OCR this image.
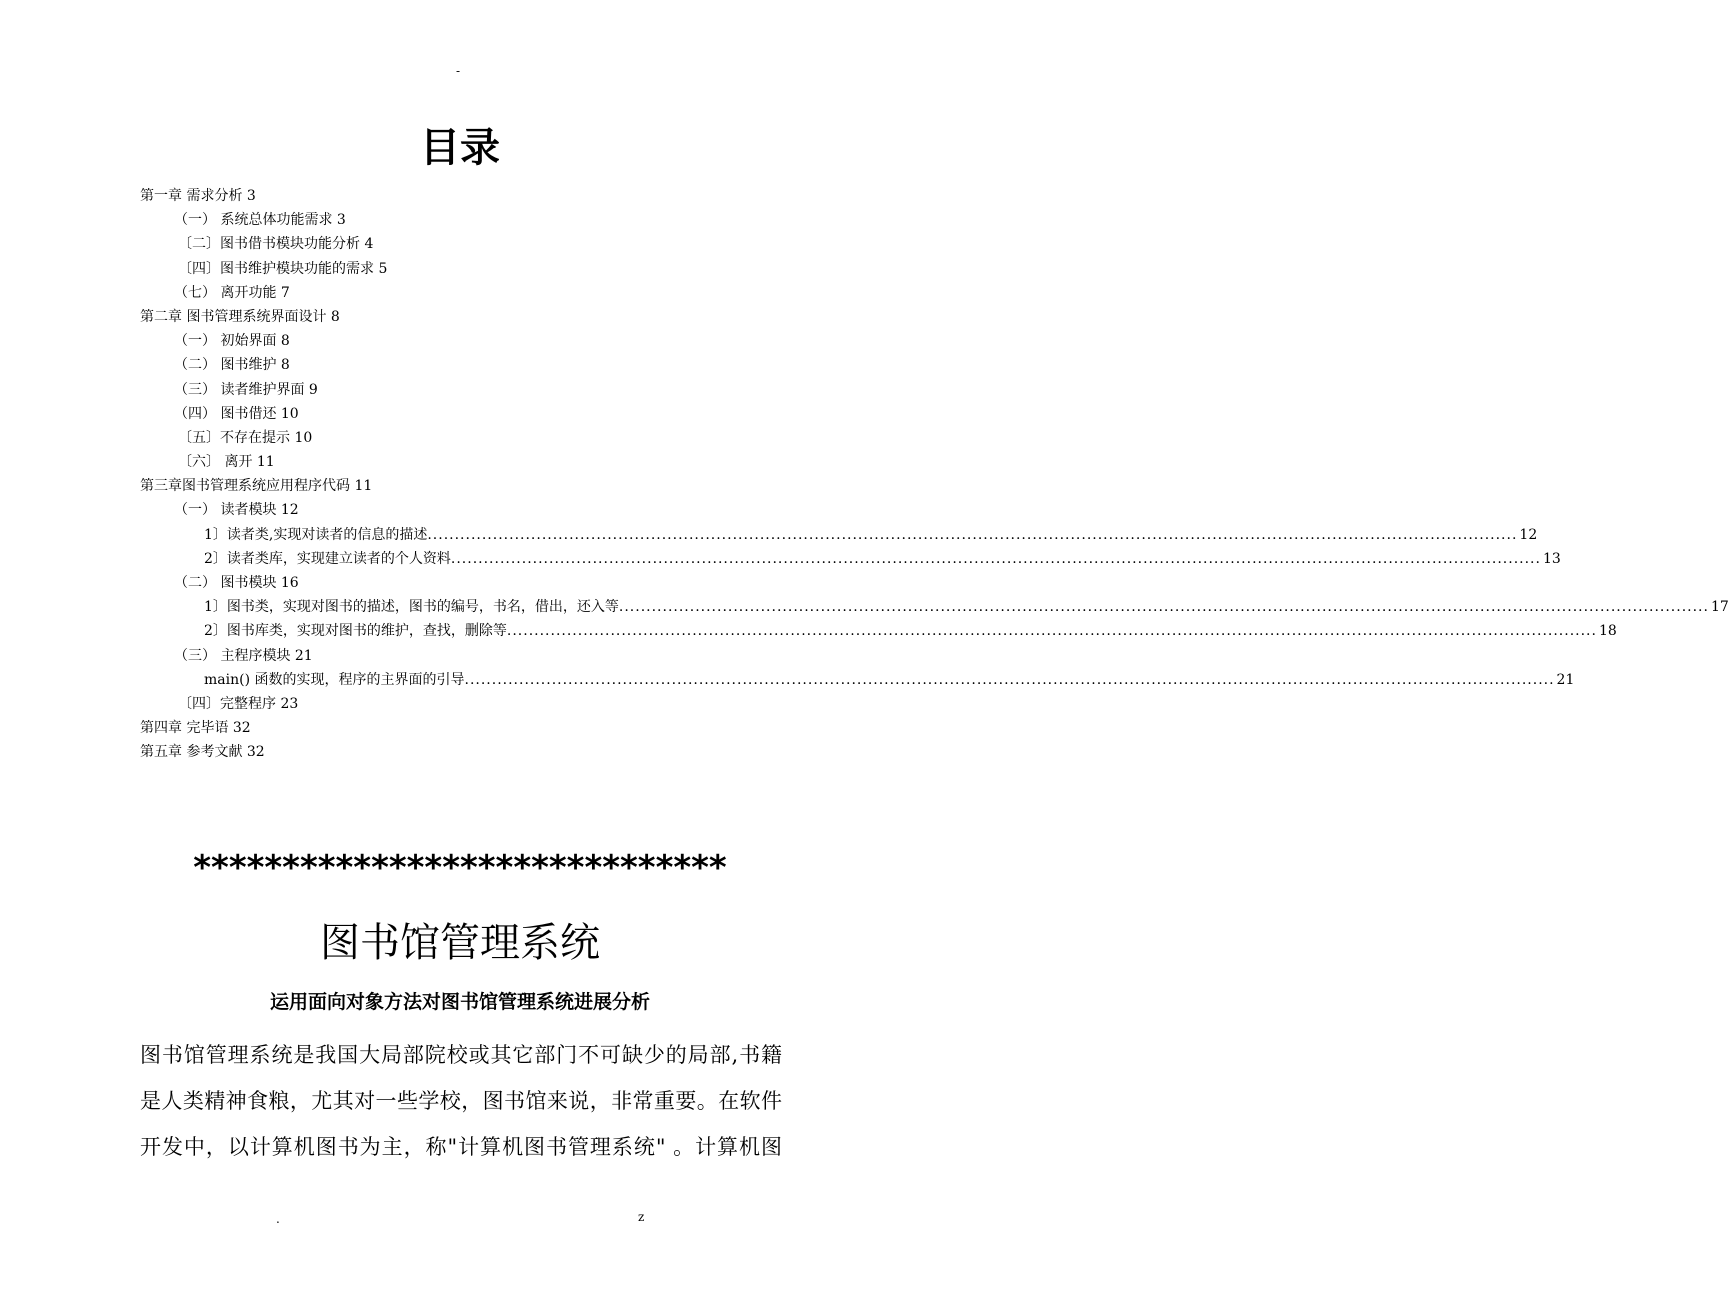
-
目录
第一章 需求分析 3
（一） 系统总体功能需求 3
〔二〕图书借书模块功能分析 4
〔四〕图书维护模块功能的需求 5
（七） 离开功能 7
第二章 图书管理系统界面设计 8
（一） 初始界面 8
（二） 图书维护 8
（三） 读者维护界面 9
（四） 图书借还 10
〔五〕不存在提示 10
〔六〕 离开 11
第三章图书管理系统应用程序代码 11
（一） 读者模块 12
1〕读者类,实现对读者的信息的描述 ........................................................................................................................................................................................................ 12
2〕读者类库，实现建立读者的个人资料 ........................................................................................................................................................................................................ 13
（二） 图书模块 16
1〕图书类，实现对图书的描述，图书的编号，书名，借出，还入等 ........................................................................................................................................................................................................ 17
2〕图书库类，实现对图书的维护，查找，删除等 ........................................................................................................................................................................................................ 18
（三） 主程序模块 21
main() 函数的实现，程序的主界面的引导 ........................................................................................................................................................................................................ 21
〔四〕完整程序 23
第四章 完毕语 32
第五章 参考文献 32
******************************
图书馆管理系统
运用面向对象方法对图书馆管理系统进展分析
图书馆管理系统是我国大局部院校或其它部门不可缺少的局部,书籍
是人类精神食粮，尤其对一些学校，图书馆来说，非常重要。在软件
开发中，以计算机图书为主，称"计算机图书管理系统" 。计算机图
.	z
